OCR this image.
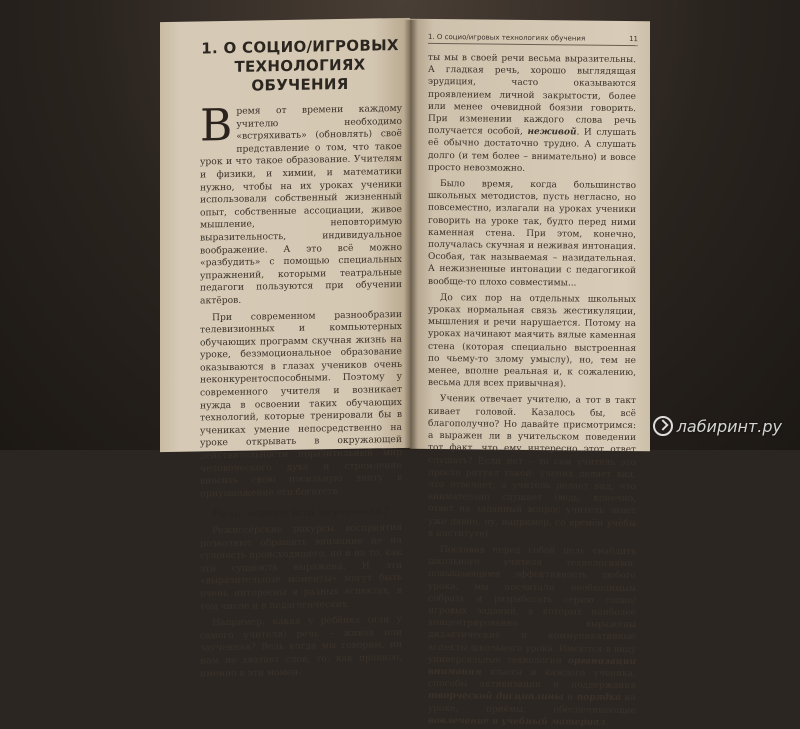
1. О СОЦИО/ИГРОВЫХ
ТЕХНОЛОГИЯХ ОБУЧЕНИЯ

Время от времени каждому учителю необходимо «встряхивать» (обновлять) своё представление о том, что такое урок и что такое образование. Учителям и физики, и химии, и математики нужно, чтобы на их уроках ученики использовали собственный жизненный опыт, собственные ассоциации, живое мышление, неповторимую выразительность, индивидуальное воображение. А это всё можно «разбудить» с помощью специальных упражнений, которыми театральные педагоги пользуются при обучении актёров.

При современном разнообразии телевизионных и компьютерных обучающих программ скучная жизнь на уроке, безэмоциональное образование оказываются в глазах учеников очень неконкурентоспособными. Поэтому у современного учителя и возникает нужда в освоении таких обучающих технологий, которые тренировали бы в учениках умение непосредственно на уроке открывать в окружающей действительности поразительный мир человеческого духа и стремление вносить свою посильную лепту в приумножение его богатств.

Речь живая или заученная?

Режиссёрские ракурсы восприятия позволяют обращать внимание не на сущность происходящего, но и на то, как эта сущность выражена. И эти «выразительные моменты» могут быть очень интересны в разных аспектах, в том числе и в педагогических.

Например, какая у ребёнка (или у самого учителя) речь – живая или заученная? Ведь когда мы говорим, ни нам не хватает слов, то, как правило, именно в эти момен-

1. О социо/игровых технологиях обучения	11

ты мы в своей речи весьма выразительны. А гладкая речь, хорошо выглядящая эрудиция, часто оказываются проявлением личной закрытости, более или менее очевидной боязни говорить. При изменении каждого слова речь получается особой, неживой. И слушать её обычно достаточно трудно. А слушать долго (и тем более – внимательно) и вовсе просто невозможно.

Было время, когда большинство школьных методистов, пусть негласно, но повсеместно, излагали на уроках ученики говорить на уроке так, будто перед ними каменная стена. При этом, конечно, получалась скучная и неживая интонация. Особая, так называемая – назидательная. А нежизненные интонации с педагогикой вообще-то плохо совместимы...

До сих пор на отдельных школьных уроках нормальная связь жестикуляции, мышления и речи нарушается. Потому на уроках начинают маячить вялые каменная стена (которая специально выстроенная по чьему-то злому умыслу), но, тем не менее, вполне реальная и, к сожалению, весьма для всех привычная).

Ученик отвечает учителю, а тот в такт кивает головой. Казалось бы, всё благополучно? Но давайте присмотримся: а выражен ли в учительском поведении тот факт, что ему интересно этот ответ слушать? Если нет – то сам учитель это просто ритуал такой: ученик делает вид, что отвечает, а учитель делает вид, что внимательно слушает (ведь, конечно, ответ на заданный вопрос учитель знает уже давно, ну, например, со времён учёбы в институте).

Поставив перед собой цель снабдить школьного учителя технологиями, повышающими эффективность любого урока, мы посчитали необходимым собрать и разработать серию социо/игровых заданий, в которых наиболее концентрированно выражены дидактические и коммуникативные аспекты школьного урока. Имеются в виду универсальные технологии организации внимания класса и каждого ученика, способы активизации и поддержания творческой дисциплины и порядка на уроке, приёмы, обеспечивающие вовлечение в учебный материал.

лабиринт.ру
